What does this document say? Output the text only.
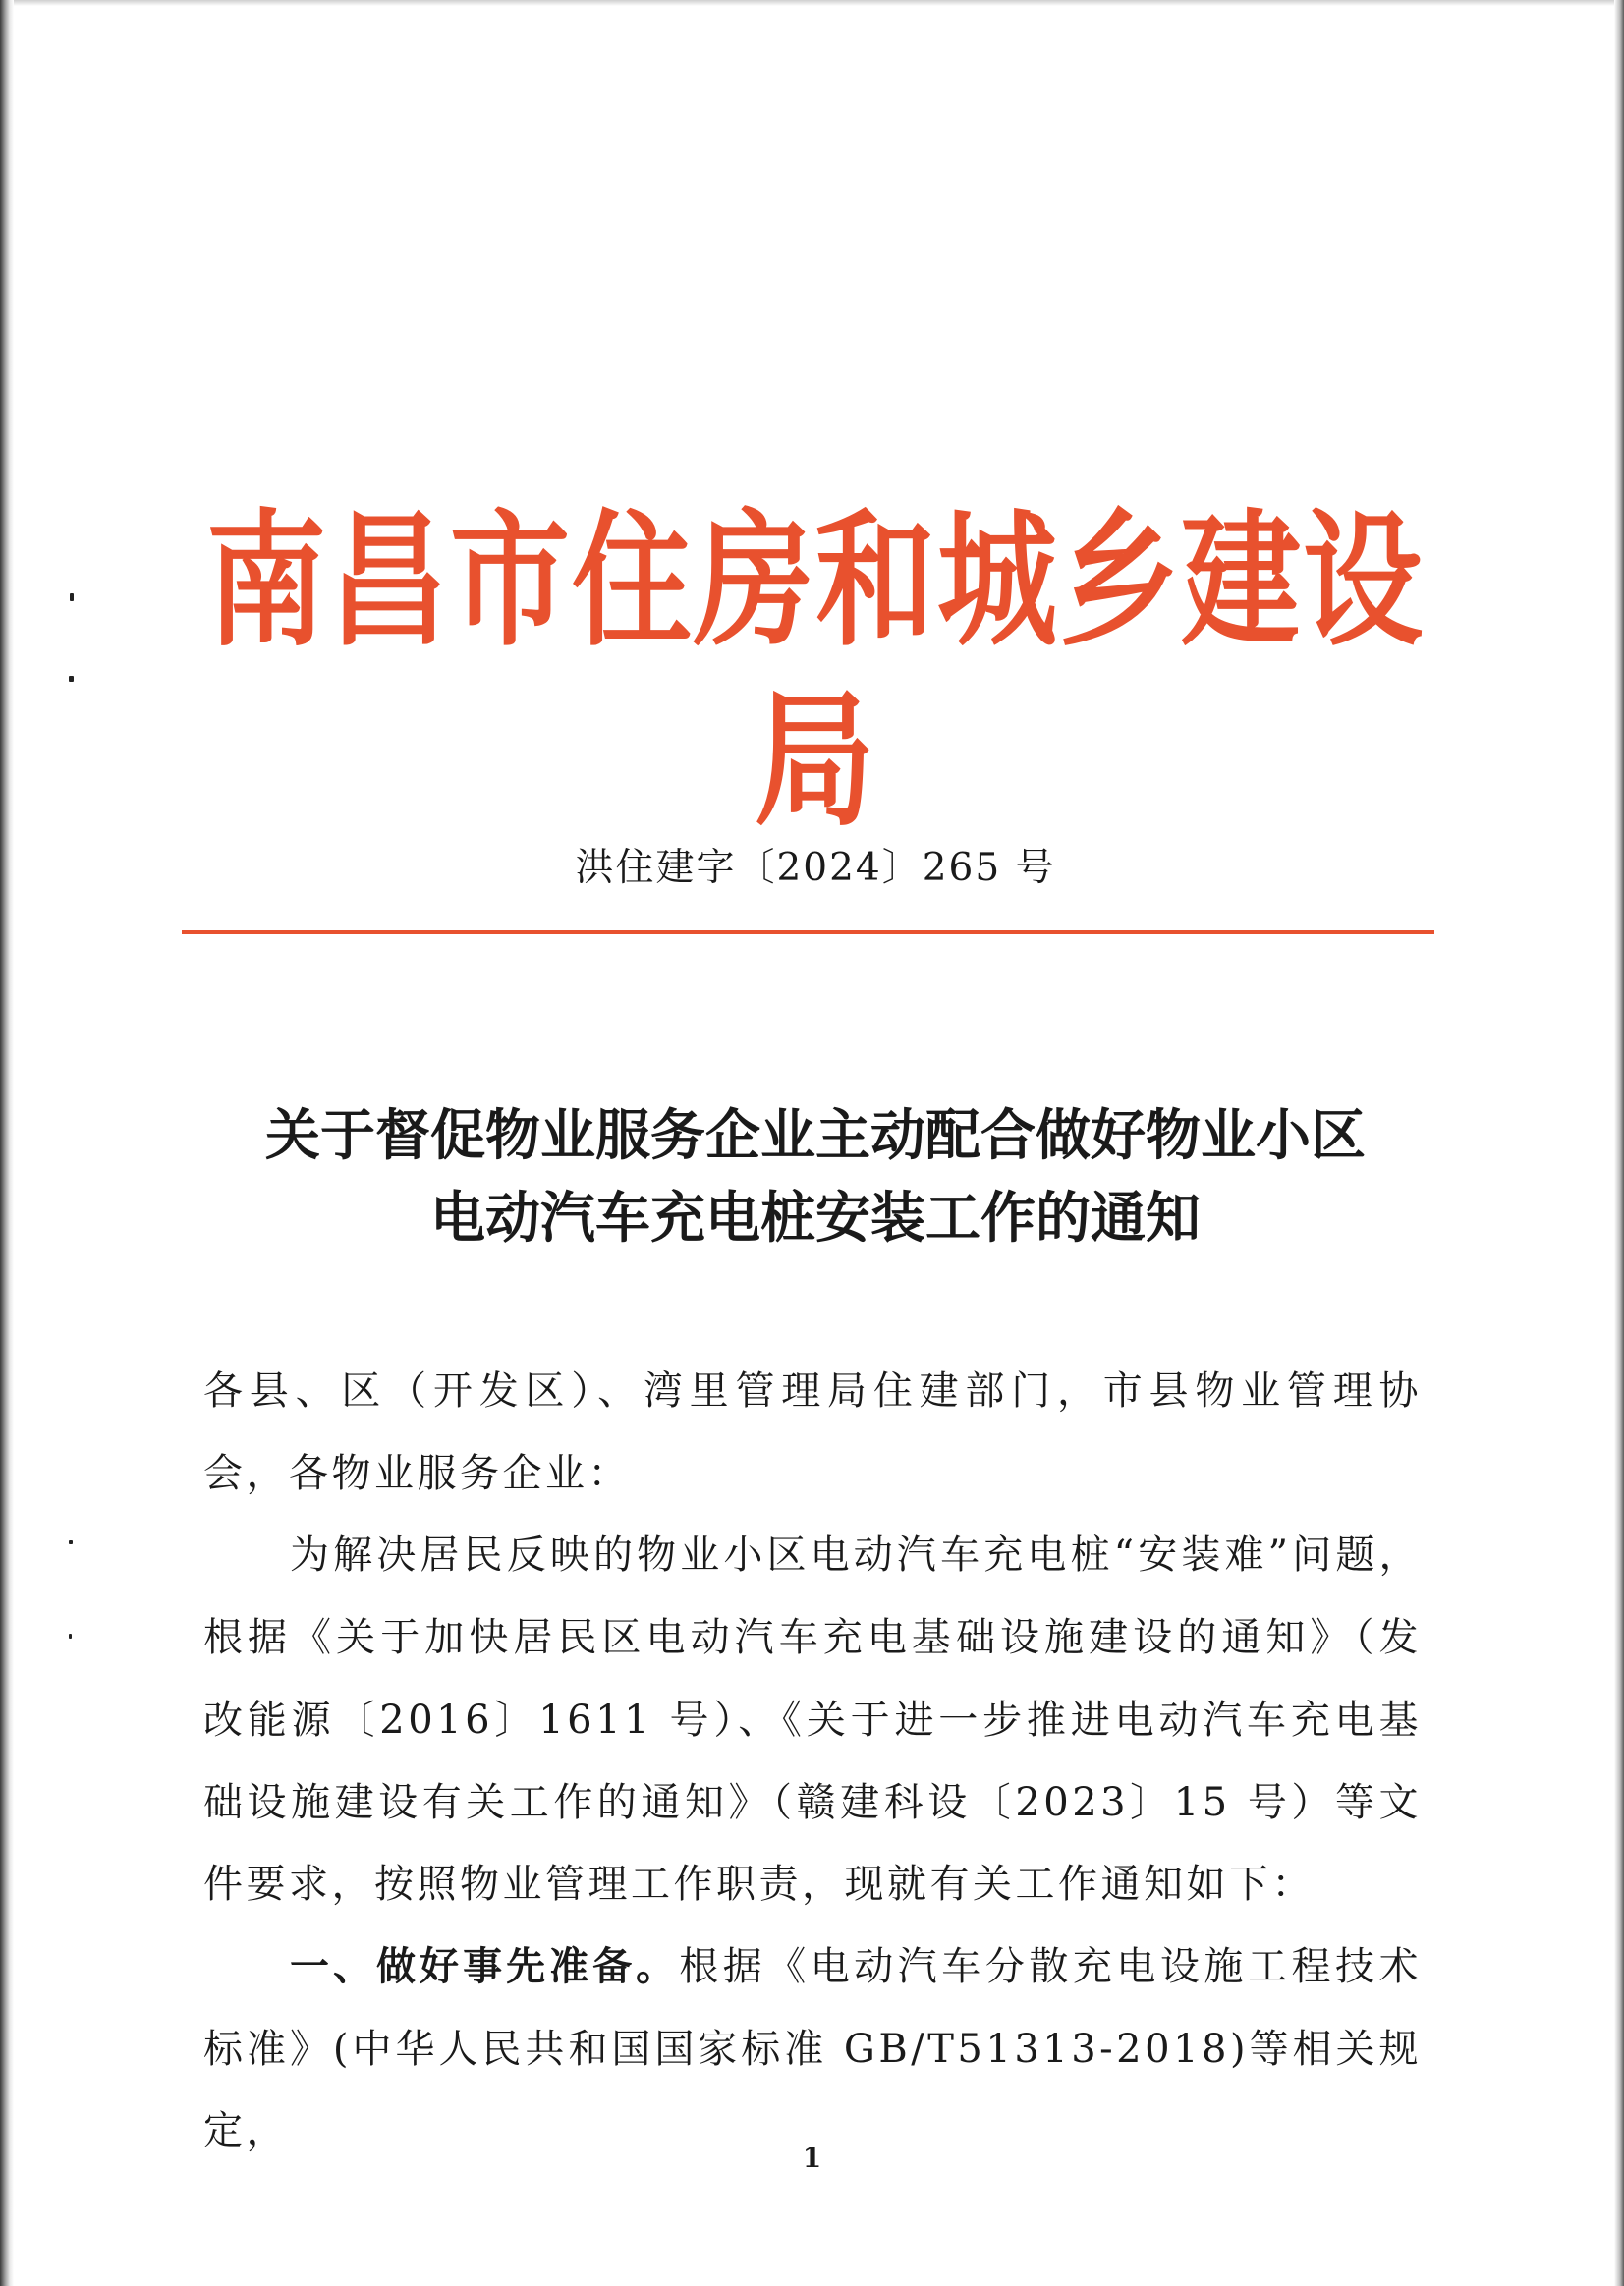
南昌市住房和城乡建设局
洪住建字〔2024〕265 号
关于督促物业服务企业主动配合做好物业小区
电动汽车充电桩安装工作的通知

各县、区（开发区）、湾里管理局住建部门，市县物业管理协会，各物业服务企业：

为解决居民反映的物业小区电动汽车充电桩“安装难”问题，根据《关于加快居民区电动汽车充电基础设施建设的通知》（发改能源〔2016〕1611 号）、《关于进一步推进电动汽车充电基础设施建设有关工作的通知》（赣建科设〔2023〕15 号）等文件要求，按照物业管理工作职责，现就有关工作通知如下：

一、做好事先准备。根据《电动汽车分散充电设施工程技术标准》(中华人民共和国国家标准 GB/T51313-2018)等相关规定，

1
